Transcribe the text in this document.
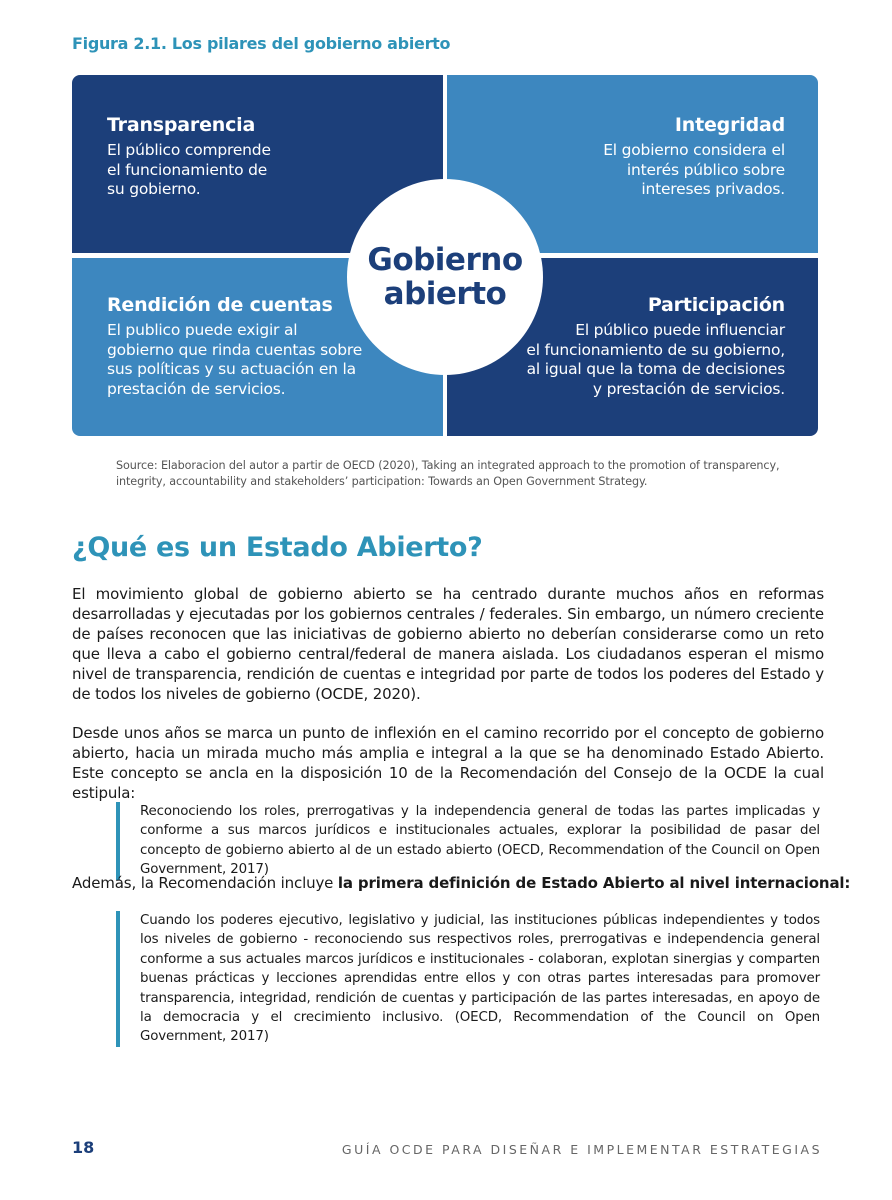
Figura 2.1. Los pilares del gobierno abierto
Transparencia
El público comprende
el funcionamiento de
su gobierno.
Integridad
El gobierno considera el
interés público sobre
intereses privados.
Rendición de cuentas
El publico puede exigir al
gobierno que rinda cuentas sobre
sus políticas y su actuación en la
prestación de servicios.
Participación
El público puede influenciar
el funcionamiento de su gobierno,
al igual que la toma de decisiones
y prestación de servicios.
Gobierno
abierto

Source: Elaboracion del autor a partir de OECD (2020), Taking an integrated approach to the promotion of transparency, integrity, accountability and stakeholders’ participation: Towards an Open Government Strategy.

¿Qué es un Estado Abierto?

El movimiento global de gobierno abierto se ha centrado durante muchos años en reformas desarrolladas y ejecutadas por los gobiernos centrales / federales. Sin embargo, un número creciente de países reconocen que las iniciativas de gobierno abierto no deberían considerarse como un reto que lleva a cabo el gobierno central/federal de manera aislada. Los ciudadanos esperan el mismo nivel de transparencia, rendición de cuentas e integridad por parte de todos los poderes del Estado y de todos los niveles de gobierno (OCDE, 2020).

Desde unos años se marca un punto de inflexión en el camino recorrido por el concepto de gobierno abierto, hacia un mirada mucho más amplia e integral a la que se ha denominado Estado Abierto. Este concepto se ancla en la disposición 10 de la Recomendación del Consejo de la OCDE la cual estipula:

Reconociendo los roles, prerrogativas y la independencia general de todas las partes implicadas y conforme a sus marcos jurídicos e institucionales actuales, explorar la posibilidad de pasar del concepto de gobierno abierto al de un estado abierto (OECD, Recommendation of the Council on Open Government, 2017)

Además, la Recomendación incluye la primera definición de Estado Abierto al nivel internacional:

Cuando los poderes ejecutivo, legislativo y judicial, las instituciones públicas independientes y todos los niveles de gobierno - reconociendo sus respectivos roles, prerrogativas e independencia general conforme a sus actuales marcos jurídicos e institucionales - colaboran, explotan sinergias y comparten buenas prácticas y lecciones aprendidas entre ellos y con otras partes interesadas para promover transparencia, integridad, rendición de cuentas y participación de las partes interesadas, en apoyo de la democracia y el crecimiento inclusivo. (OECD, Recommendation of the Council on Open Government, 2017)

18	GUÍA OCDE PARA DISEÑAR E IMPLEMENTAR ESTRATEGIAS
